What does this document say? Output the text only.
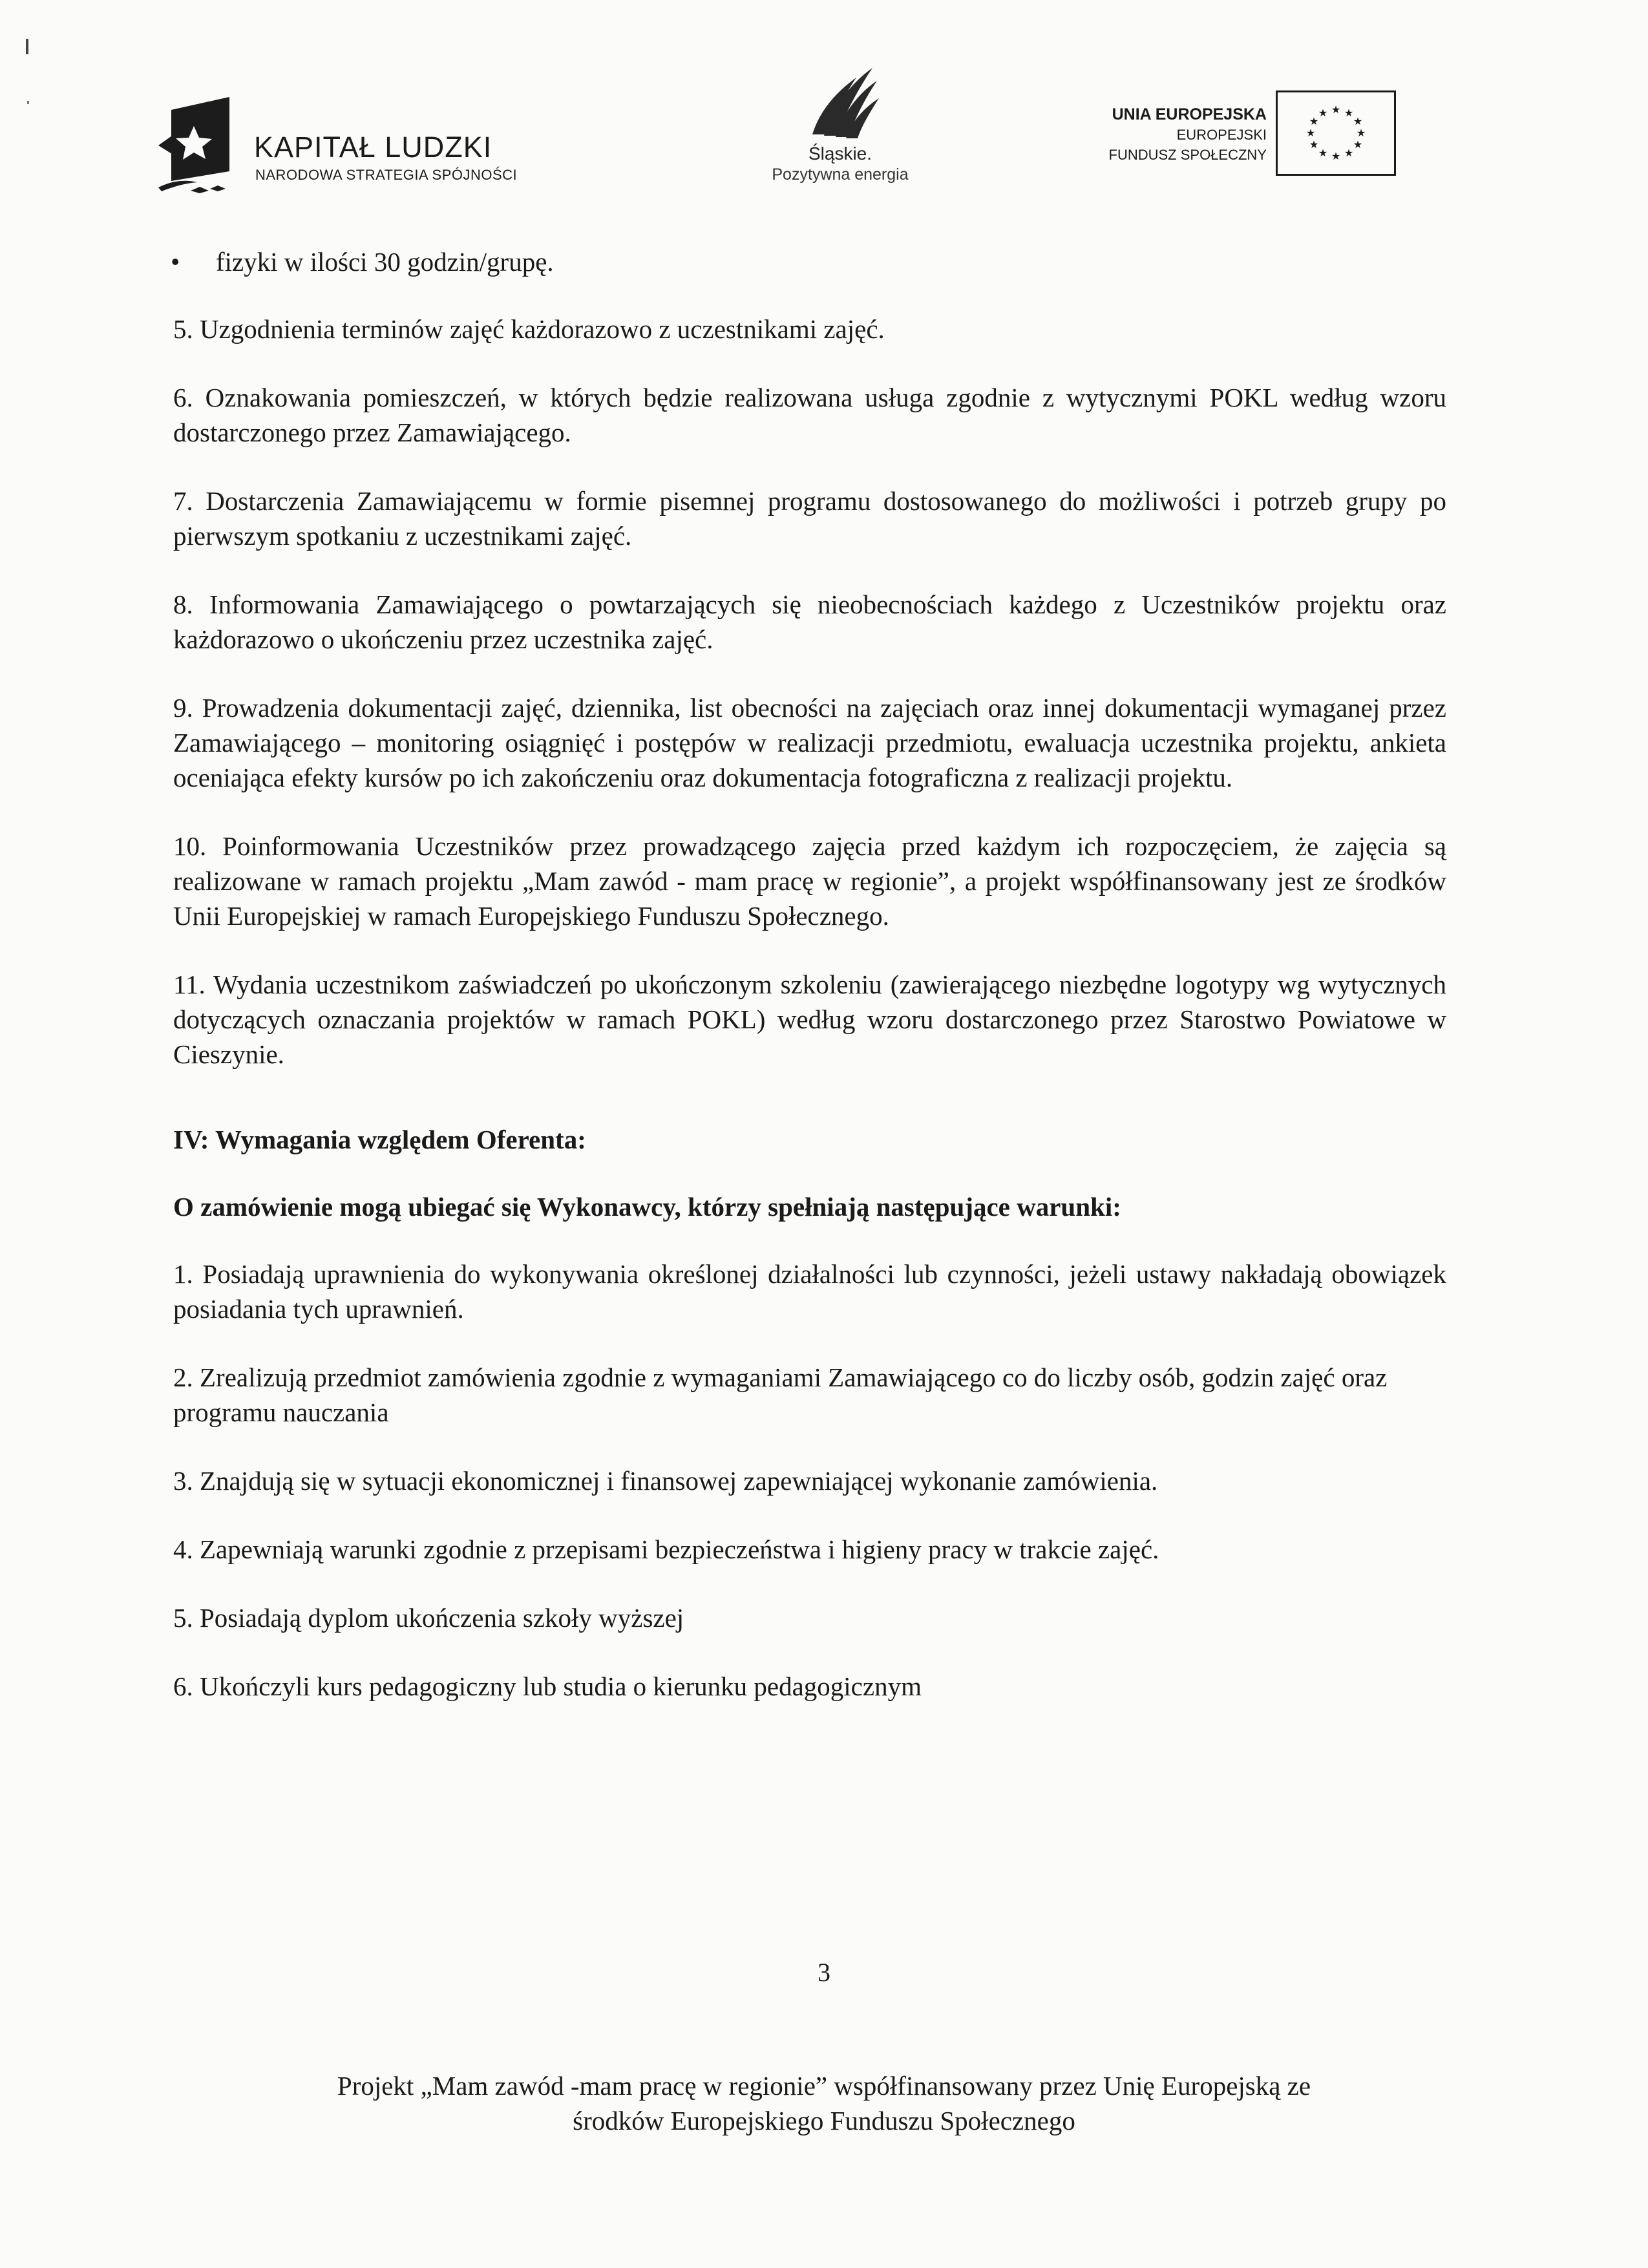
KAPITAŁ LUDZKI
NARODOWA STRATEGIA SPÓJNOŚCI
Śląskie.
Pozytywna energia
UNIA EUROPEJSKA
EUROPEJSKI
FUNDUSZ SPOŁECZNY
★ ★
★
★
★
★
★
★
★
★
★
★
• fizyki w ilości 30 godzin/grupę.

5. Uzgodnienia terminów zajęć każdorazowo z uczestnikami zajęć.

6. Oznakowania pomieszczeń, w których będzie realizowana usługa zgodnie z wytycznymi POKL według wzoru dostarczonego przez Zamawiającego.

7. Dostarczenia Zamawiającemu w formie pisemnej programu dostosowanego do możliwości i potrzeb grupy po pierwszym spotkaniu z uczestnikami zajęć.

8. Informowania Zamawiającego o powtarzających się nieobecnościach każdego z Uczestników projektu oraz każdorazowo o ukończeniu przez uczestnika zajęć.

9. Prowadzenia dokumentacji zajęć, dziennika, list obecności na zajęciach oraz innej dokumentacji wymaganej przez Zamawiającego – monitoring osiągnięć i postępów w realizacji przedmiotu, ewaluacja uczestnika projektu, ankieta oceniająca efekty kursów po ich zakończeniu oraz dokumentacja fotograficzna z realizacji projektu.

10. Poinformowania Uczestników przez prowadzącego zajęcia przed każdym ich rozpoczęciem, że zajęcia są realizowane w ramach projektu „Mam zawód - mam pracę w regionie”, a projekt współfinansowany jest ze środków Unii Europejskiej w ramach Europejskiego Funduszu Społecznego.

11. Wydania uczestnikom zaświadczeń po ukończonym szkoleniu (zawierającego niezbędne logotypy wg wytycznych dotyczących oznaczania projektów w ramach POKL) według wzoru dostarczonego przez Starostwo Powiatowe w Cieszynie.

IV: Wymagania względem Oferenta:

O zamówienie mogą ubiegać się Wykonawcy, którzy spełniają następujące warunki:

1. Posiadają uprawnienia do wykonywania określonej działalności lub czynności, jeżeli ustawy nakładają obowiązek posiadania tych uprawnień.

2. Zrealizują przedmiot zamówienia zgodnie z wymaganiami Zamawiającego co do liczby osób, godzin zajęć oraz programu nauczania

3. Znajdują się w sytuacji ekonomicznej i finansowej zapewniającej wykonanie zamówienia.

4. Zapewniają warunki zgodnie z przepisami bezpieczeństwa i higieny pracy w trakcie zajęć.

5. Posiadają dyplom ukończenia szkoły wyższej

6. Ukończyli kurs pedagogiczny lub studia o kierunku pedagogicznym

3
Projekt „Mam zawód -mam pracę w regionie” współfinansowany przez Unię Europejską ze
środków Europejskiego Funduszu Społecznego
